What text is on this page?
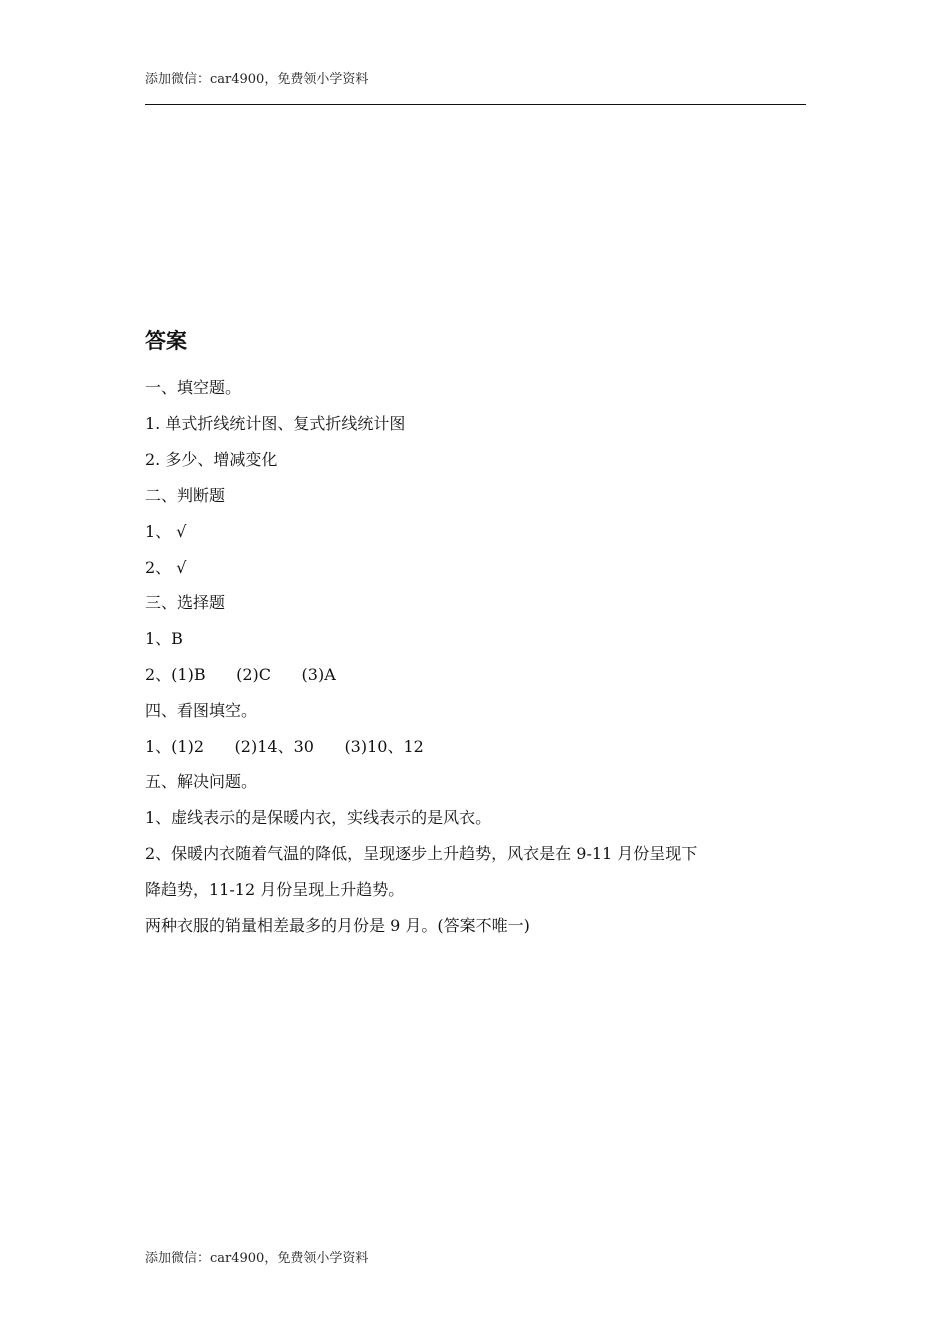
添加微信：car4900，免费领小学资料
答案
一、填空题。
1. 单式折线统计图、复式折线统计图
2. 多少、增减变化
二、判断题
1、 √
2、 √
三、选择题
1、B
2、(1)B      (2)C      (3)A
四、看图填空。
1、(1)2      (2)14、30      (3)10、12
五、解决问题。
1、虚线表示的是保暖内衣，实线表示的是风衣。
2、保暖内衣随着气温的降低，呈现逐步上升趋势，风衣是在 9-11 月份呈现下
降趋势，11-12 月份呈现上升趋势。
两种衣服的销量相差最多的月份是 9 月。(答案不唯一)
添加微信：car4900，免费领小学资料
